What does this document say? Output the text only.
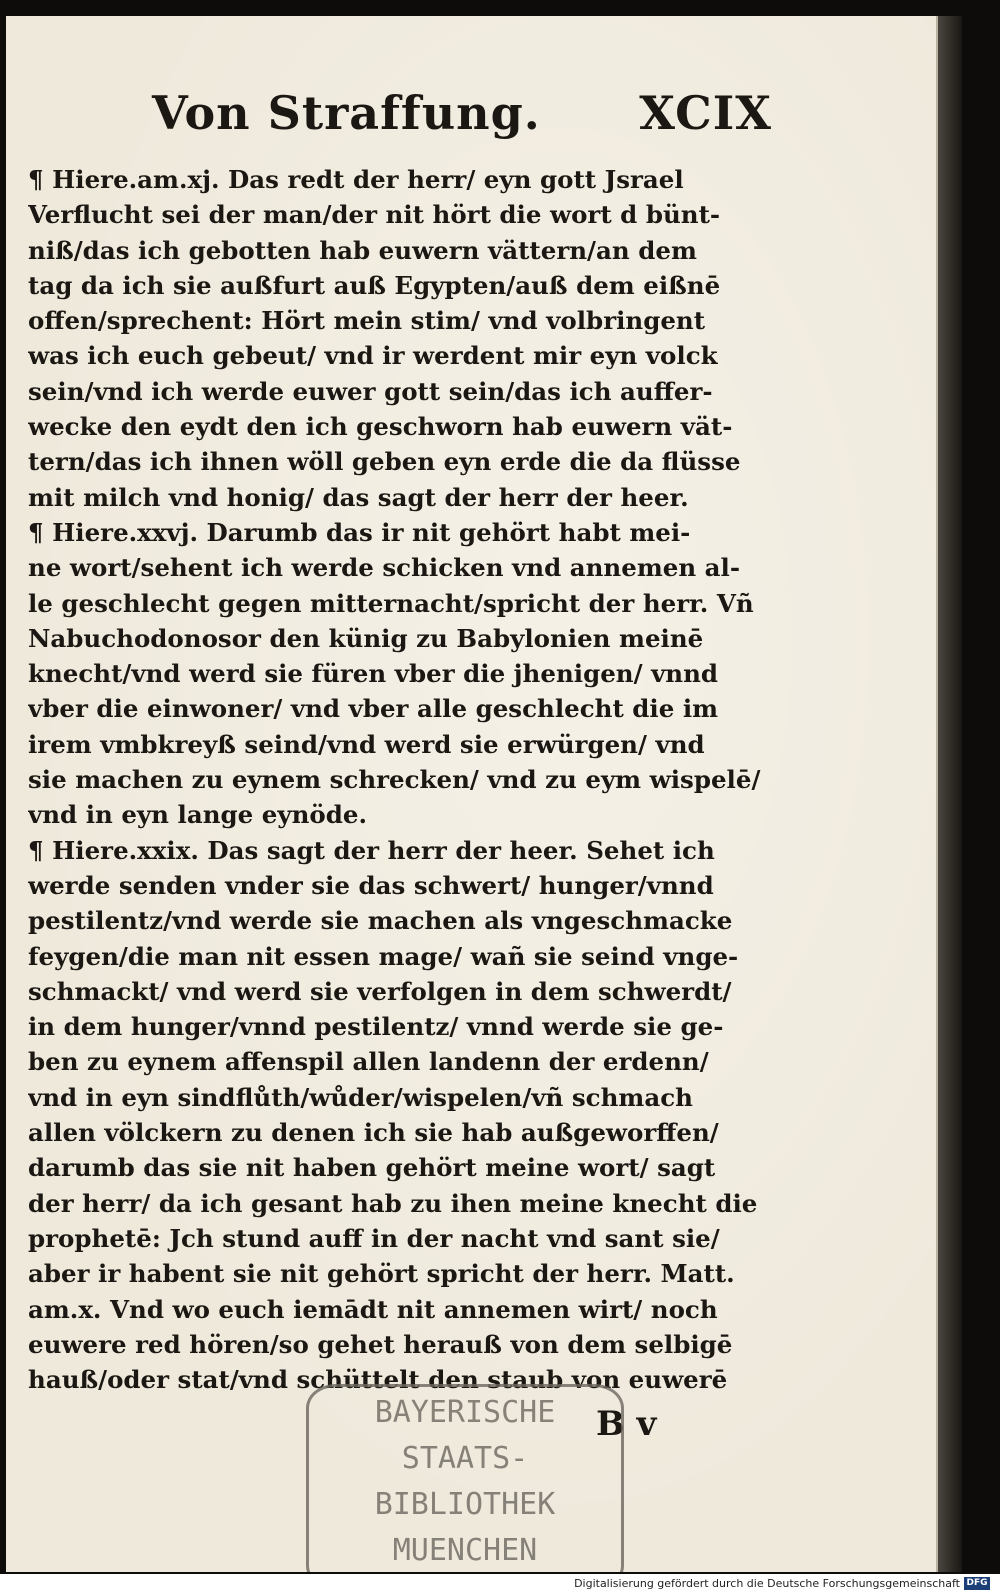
Von Straffung. XCIX
¶ Hiere.am.xj. Das redt der herr/ eyn gott Jsrael
Verflucht sei der man/der nit hört die wort d bünt-
niß/das ich gebotten hab euwern vättern/an dem
tag da ich sie außfurt auß Egypten/auß dem eißnē
offen/sprechent: Hört mein stim/ vnd volbringent
was ich euch gebeut/ vnd ir werdent mir eyn volck
sein/vnd ich werde euwer gott sein/das ich auffer-
wecke den eydt den ich geschworn hab euwern vät-
tern/das ich ihnen wöll geben eyn erde die da flüsse
mit milch vnd honig/ das sagt der herr der heer.
¶ Hiere.xxvj. Darumb das ir nit gehört habt mei-
ne wort/sehent ich werde schicken vnd annemen al-
le geschlecht gegen mitternacht/spricht der herr. Vñ
Nabuchodonosor den künig zu Babylonien meinē
knecht/vnd werd sie füren vber die jhenigen/ vnnd
vber die einwoner/ vnd vber alle geschlecht die im
irem vmbkreyß seind/vnd werd sie erwürgen/ vnd
sie machen zu eynem schrecken/ vnd zu eym wispelē/
vnd in eyn lange eynöde.
¶ Hiere.xxix. Das sagt der herr der heer. Sehet ich
werde senden vnder sie das schwert/ hunger/vnnd
pestilentz/vnd werde sie machen als vngeschmacke
feygen/die man nit essen mage/ wañ sie seind vnge-
schmackt/ vnd werd sie verfolgen in dem schwerdt/
in dem hunger/vnnd pestilentz/ vnnd werde sie ge-
ben zu eynem affenspil allen landenn der erdenn/
vnd in eyn sindflůth/wůder/wispelen/vñ schmach
allen völckern zu denen ich sie hab außgeworffen/
darumb das sie nit haben gehört meine wort/ sagt
der herr/ da ich gesant hab zu ihen meine knecht die
prophetē: Jch stund auff in der nacht vnd sant sie/
aber ir habent sie nit gehört spricht der herr. Matt.
am.x. Vnd wo euch iemādt nit annemen wirt/ noch
euwere red hören/so gehet herauß von dem selbigē
hauß/oder stat/vnd schüttelt den staub von euwerē
B v
BAYERISCHE
STAATS-
BIBLIOTHEK
MUENCHEN
Digitalisierung gefördert durch die Deutsche Forschungsgemeinschaft DFG
